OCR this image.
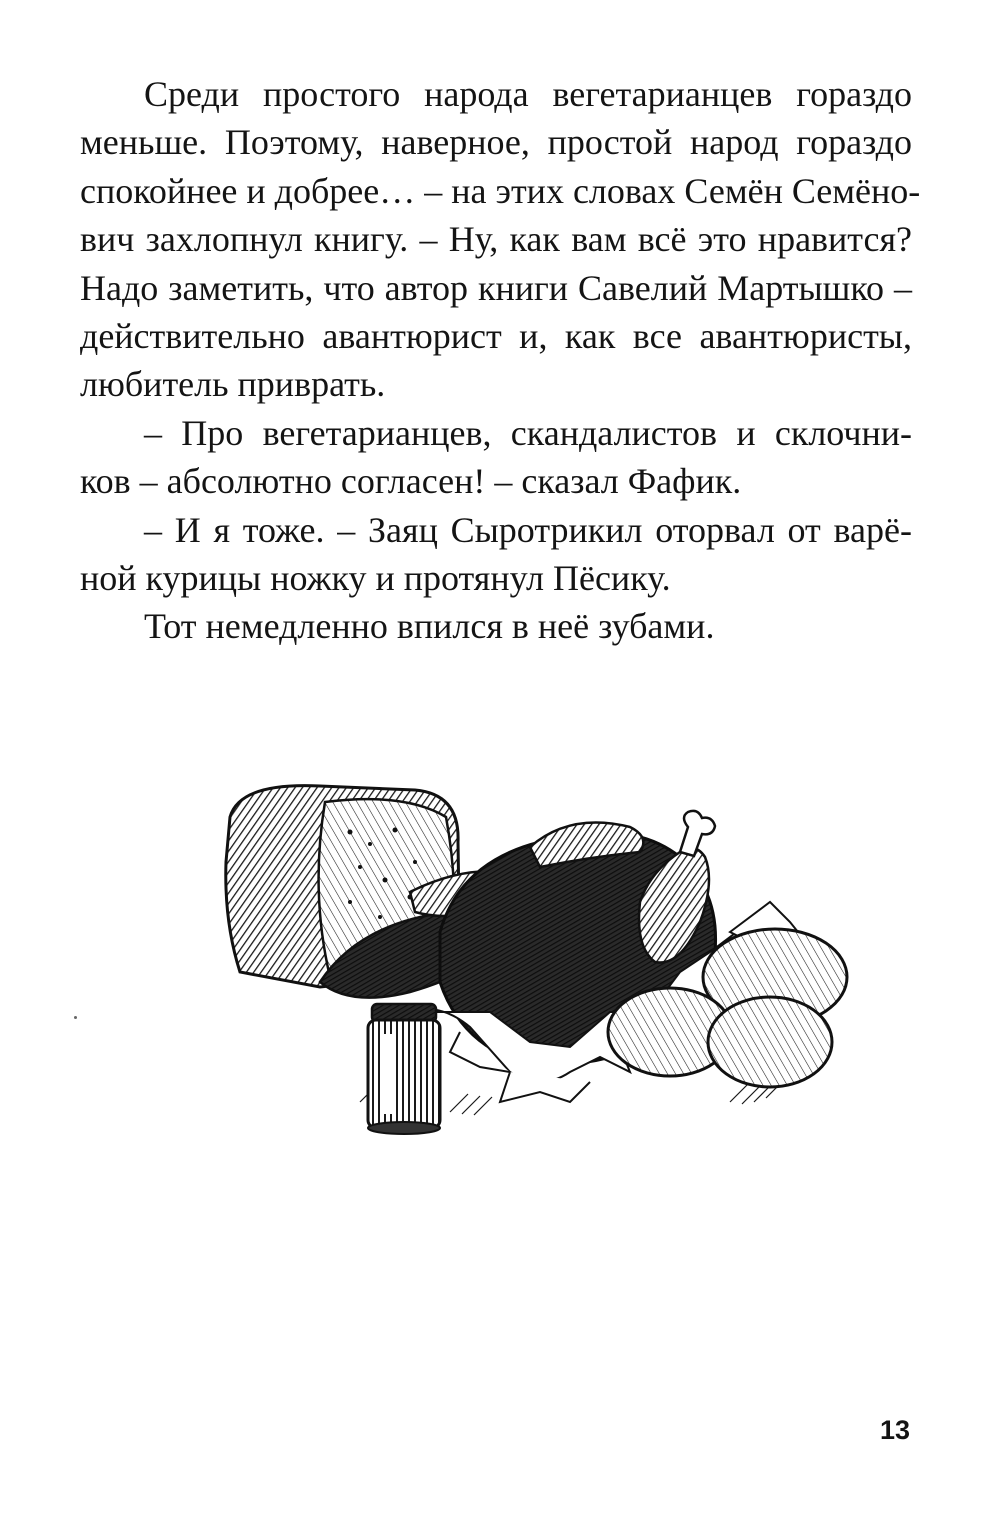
Среди простого народа вегетарианцев гораздо
меньше. Поэтому, наверное, простой народ гораздо
спокойнее и добрее… – на этих словах Семён Семёно-
вич захлопнул книгу. – Ну, как вам всё это нравится?
Надо заметить, что автор книги Савелий Мартышко –
действительно авантюрист и, как все авантюристы,
любитель приврать.
– Про вегетарианцев, скандалистов и склочни-
ков – абсолютно согласен! – сказал Фафик.
– И я тоже. – Заяц Сыротрикил оторвал от варё-
ной курицы ножку и протянул Пёсику.
Тот немедленно впился в неё зубами.
13
